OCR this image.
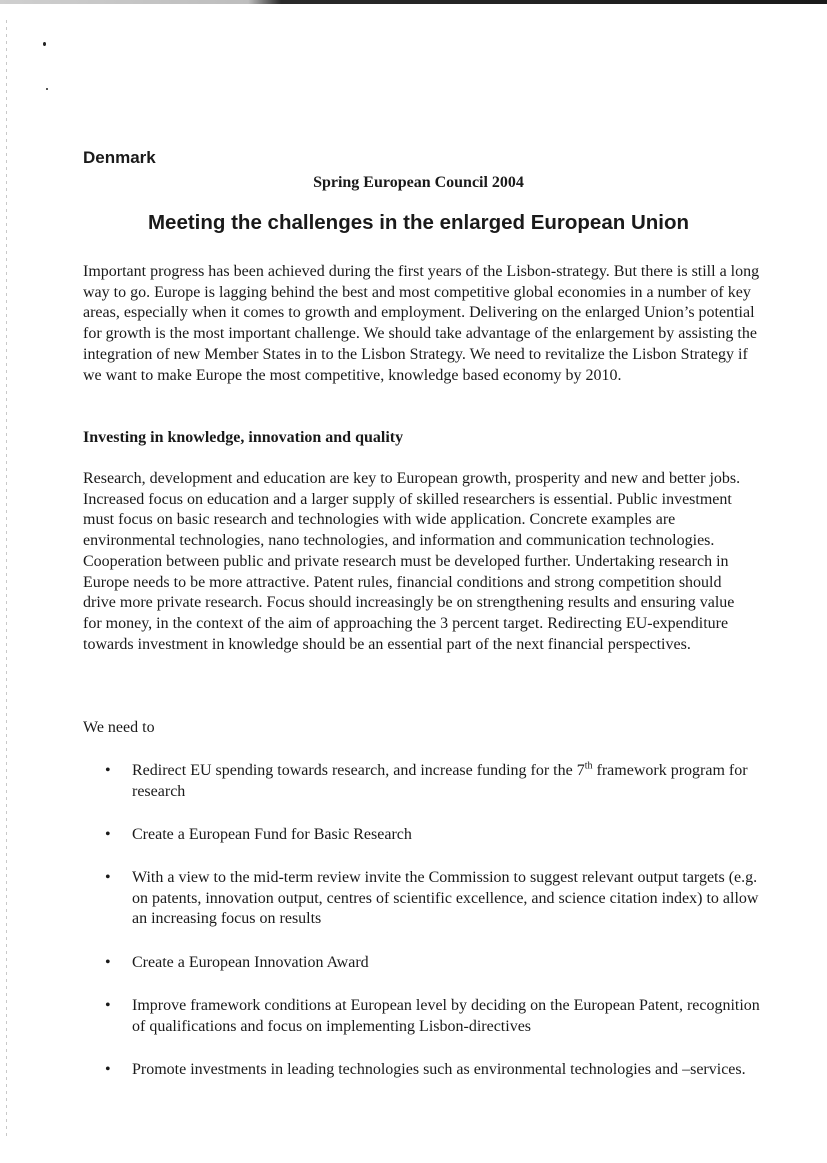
Denmark

Spring European Council 2004

Meeting the challenges in the enlarged European Union

Important progress has been achieved during the first years of the Lisbon-strategy. But there is still a long way to go. Europe is lagging behind the best and most competitive global economies in a number of key areas, especially when it comes to growth and employment. Delivering on the enlarged Union’s potential for growth is the most important challenge. We should take advantage of the enlargement by assisting the integration of new Member States in to the Lisbon Strategy. We need to revitalize the Lisbon Strategy if we want to make Europe the most competitive, knowledge based economy by 2010.

Investing in knowledge, innovation and quality

Research, development and education are key to European growth, prosperity and new and better jobs. Increased focus on education and a larger supply of skilled researchers is essential. Public investment must focus on basic research and technologies with wide application. Concrete examples are environmental technologies, nano technologies, and information and communication technologies. Cooperation between public and private research must be developed further. Undertaking research in Europe needs to be more attractive. Patent rules, financial conditions and strong competition should drive more private research. Focus should increasingly be on strengthening results and ensuring value for money, in the context of the aim of approaching the 3 percent target. Redirecting EU-expenditure towards investment in knowledge should be an essential part of the next financial perspectives.

We need to

• Redirect EU spending towards research, and increase funding for the 7th framework program for research
• Create a European Fund for Basic Research
• With a view to the mid-term review invite the Commission to suggest relevant output targets (e.g. on patents, innovation output, centres of scientific excellence, and science citation index) to allow an increasing focus on results
• Create a European Innovation Award
• Improve framework conditions at European level by deciding on the European Patent, recognition of qualifications and focus on implementing Lisbon-directives
• Promote investments in leading technologies such as environmental technologies and –services.
